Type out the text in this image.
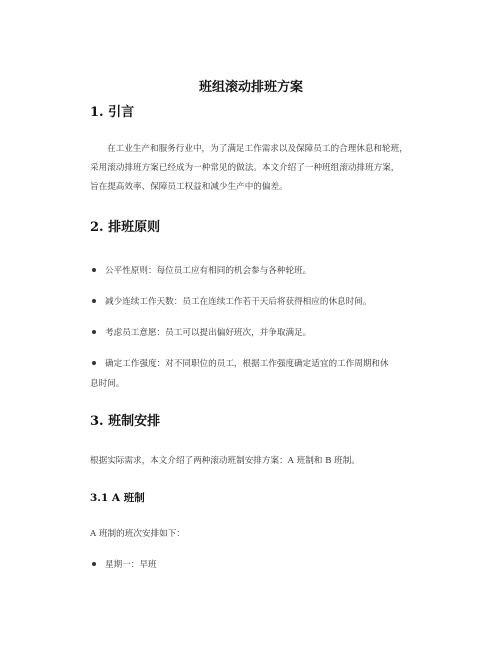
班组滚动排班方案
1. 引言
在工业生产和服务行业中，为了满足工作需求以及保障员工的合理休息和轮班，
采用滚动排班方案已经成为一种常见的做法。本文介绍了一种班组滚动排班方案，
旨在提高效率、保障员工权益和减少生产中的偏差。
2. 排班原则
公平性原则：每位员工应有相同的机会参与各种轮班。
减少连续工作天数：员工在连续工作若干天后将获得相应的休息时间。
考虑员工意愿：员工可以提出偏好班次，并争取满足。
确定工作强度：对不同职位的员工，根据工作强度确定适宜的工作周期和休
息时间。
3. 班制安排
根据实际需求，本文介绍了两种滚动班制安排方案：A 班制和 B 班制。
3.1 A 班制
A 班制的班次安排如下：
星期一：早班
